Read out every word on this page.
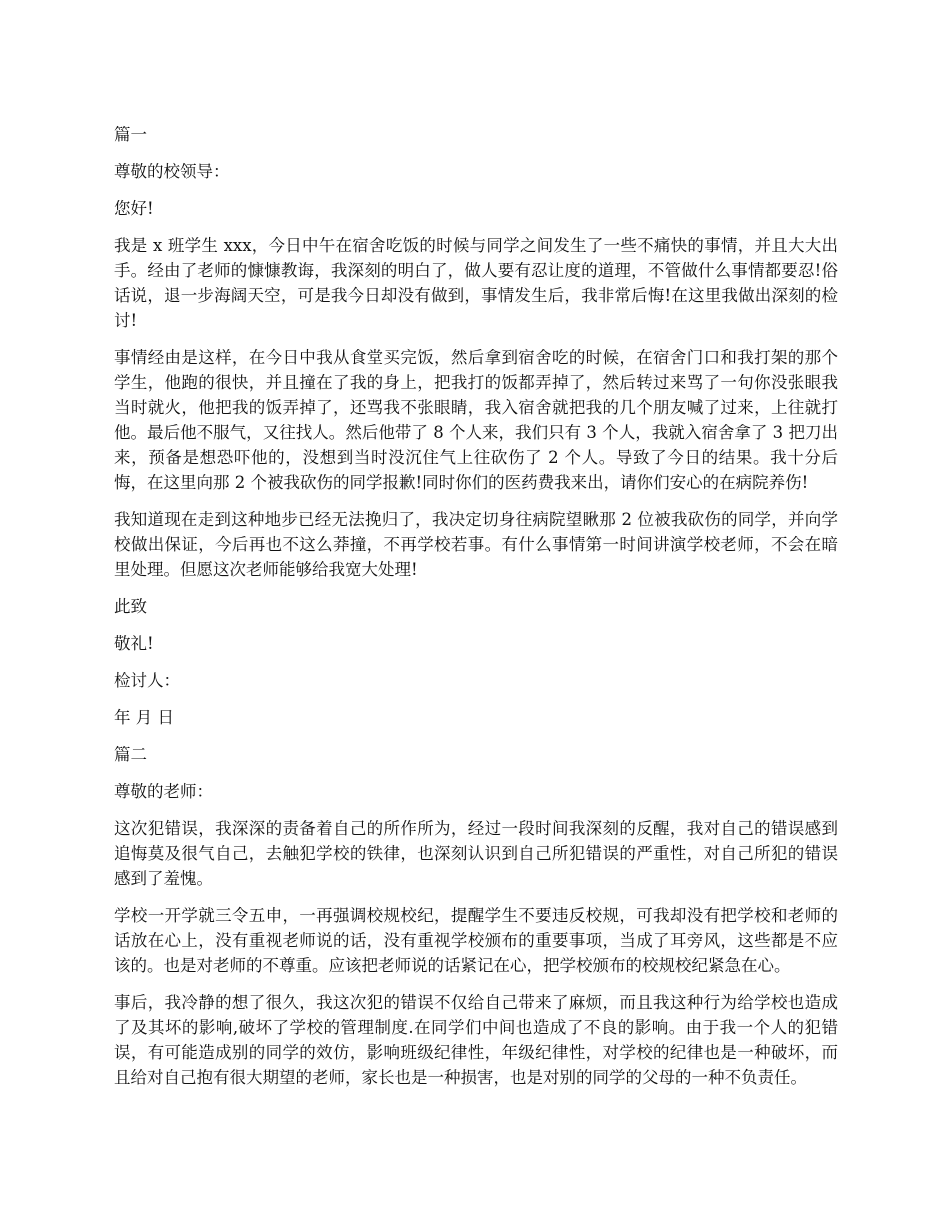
篇一

尊敬的校领导：

您好!

我是 x 班学生 xxx，今日中午在宿舍吃饭的时候与同学之间发生了一些不痛快的事情，并且大大出手。经由了老师的慷慷教诲，我深刻的明白了，做人要有忍让度的道理，不管做什么事情都要忍!俗话说，退一步海阔天空，可是我今日却没有做到，事情发生后，我非常后悔!在这里我做出深刻的检讨!

事情经由是这样，在今日中我从食堂买完饭，然后拿到宿舍吃的时候，在宿舍门口和我打架的那个学生，他跑的很快，并且撞在了我的身上，把我打的饭都弄掉了，然后转过来骂了一句你没张眼我当时就火，他把我的饭弄掉了，还骂我不张眼睛，我入宿舍就把我的几个朋友喊了过来，上往就打他。最后他不服气，又往找人。然后他带了 8 个人来，我们只有 3 个人，我就入宿舍拿了 3 把刀出来，预备是想恐吓他的，没想到当时没沉住气上往砍伤了 2 个人。导致了今日的结果。我十分后悔，在这里向那 2 个被我砍伤的同学报歉!同时你们的医药费我来出，请你们安心的在病院养伤!

我知道现在走到这种地步已经无法挽归了，我决定切身往病院望瞅那 2 位被我砍伤的同学，并向学校做出保证，今后再也不这么莽撞，不再学校若事。有什么事情第一时间讲演学校老师，不会在暗里处理。但愿这次老师能够给我宽大处理!

此致

敬礼!

检讨人：

年 月 日

篇二

尊敬的老师：

这次犯错误，我深深的责备着自己的所作所为，经过一段时间我深刻的反醒，我对自己的错误感到追悔莫及很气自己，去触犯学校的铁律，也深刻认识到自己所犯错误的严重性，对自己所犯的错误感到了羞愧。

学校一开学就三令五申，一再强调校规校纪，提醒学生不要违反校规，可我却没有把学校和老师的话放在心上，没有重视老师说的话，没有重视学校颁布的重要事项，当成了耳旁风，这些都是不应该的。也是对老师的不尊重。应该把老师说的话紧记在心，把学校颁布的校规校纪紧急在心。

事后，我冷静的想了很久，我这次犯的错误不仅给自己带来了麻烦，而且我这种行为给学校也造成了及其坏的影响,破坏了学校的管理制度.在同学们中间也造成了不良的影响。由于我一个人的犯错误，有可能造成别的同学的效仿，影响班级纪律性，年级纪律性，对学校的纪律也是一种破坏，而且给对自己抱有很大期望的老师，家长也是一种损害，也是对别的同学的父母的一种不负责任。
